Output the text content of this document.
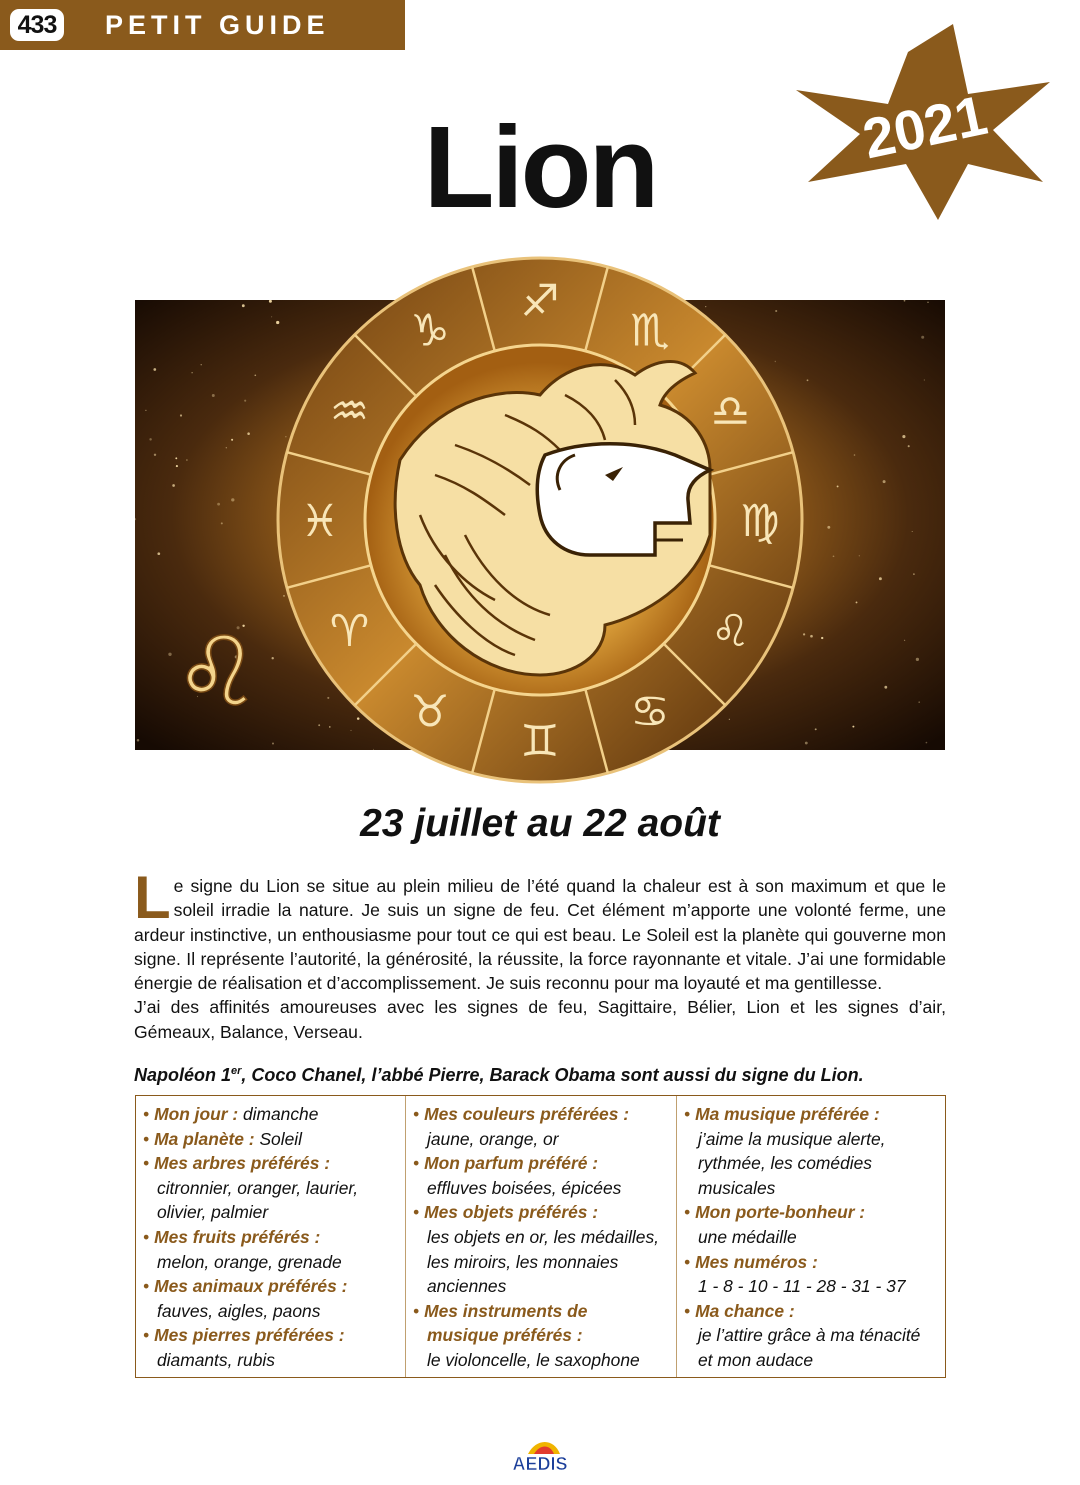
433 PETIT GUIDE
2021
Lion
♑
♐
♏
♎
♍
♌
♋
♊
♉
♈
♓
♒
♌
23 juillet au 22 août

Le signe du Lion se situe au plein milieu de l’été quand la chaleur est à son maximum et que le soleil irradie la nature. Je suis un signe de feu. Cet élément m’apporte une volonté ferme, une ardeur instinctive, un enthousiasme pour tout ce qui est beau. Le Soleil est la planète qui gouverne mon signe. Il représente l’autorité, la générosité, la réussite, la force rayonnante et vitale. J’ai une formidable énergie de réalisation et d’accomplissement. Je suis reconnu pour ma loyauté et ma gentillesse.

J’ai des affinités amoureuses avec les signes de feu, Sagittaire, Bélier, Lion et les signes d’air, Gémeaux, Balance, Verseau.

Napoléon 1er, Coco Chanel, l’abbé Pierre, Barack Obama sont aussi du signe du Lion.
• Mon jour : dimanche
• Ma planète : Soleil
• Mes arbres préférés :
citronnier, oranger, laurier,
olivier, palmier
• Mes fruits préférés :
melon, orange, grenade
• Mes animaux préférés :
fauves, aigles, paons
• Mes pierres préférées :
diamants, rubis
• Mes couleurs préférées :
jaune, orange, or
• Mon parfum préféré :
effluves boisées, épicées
• Mes objets préférés :
les objets en or, les médailles,
les miroirs, les monnaies
anciennes
• Mes instruments de
musique préférés :
le violoncelle, le saxophone
• Ma musique préférée :
j’aime la musique alerte,
rythmée, les comédies
musicales
• Mon porte-bonheur :
une médaille
• Mes numéros :
1 - 8 - 10 - 11 - 28 - 31 - 37
• Ma chance :
je l’attire grâce à ma ténacité
et mon audace
AEDIS
